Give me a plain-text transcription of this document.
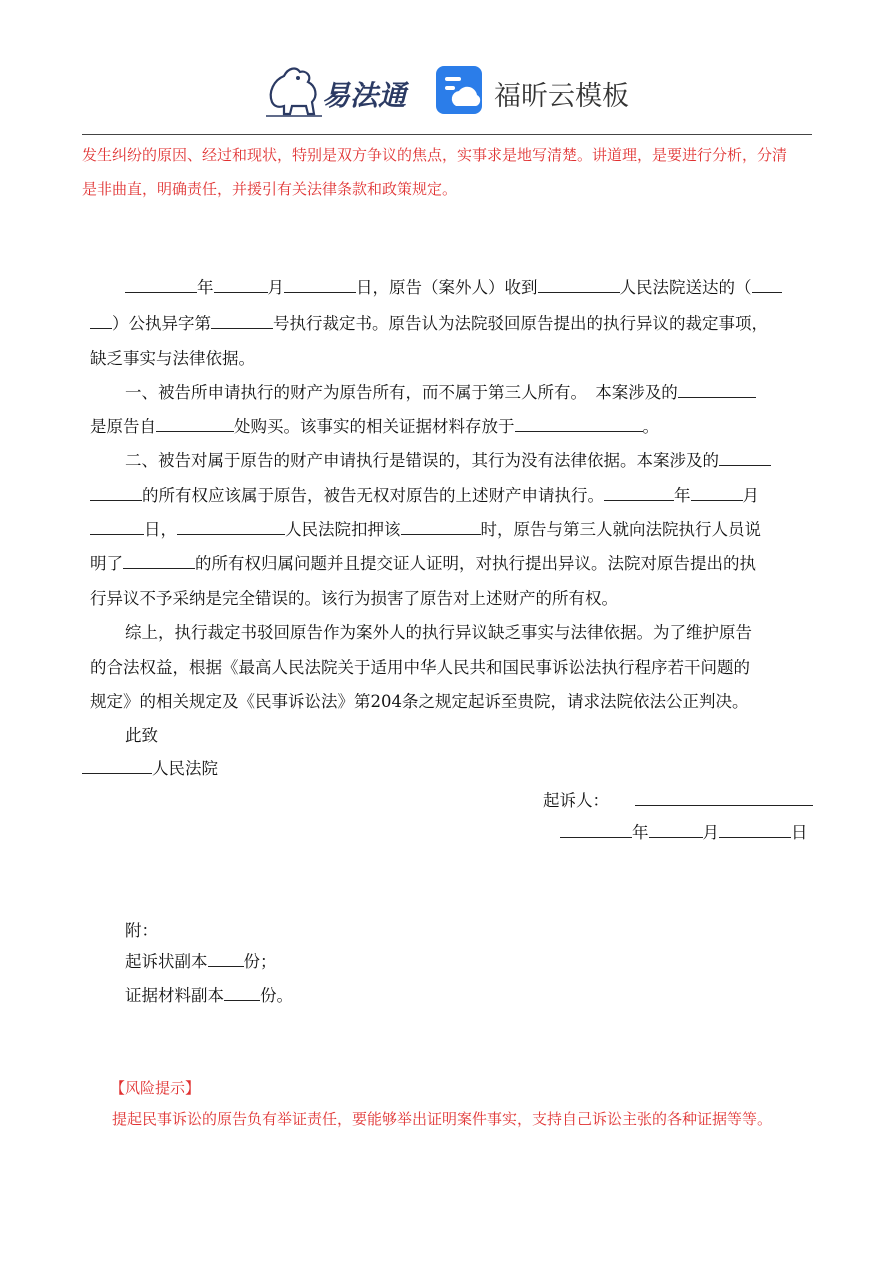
易法通	福昕云模板
发生纠纷的原因、经过和现状，特别是双方争议的焦点，实事求是地写清楚。讲道理，是要进行分析，分清
是非曲直，明确责任，并援引有关法律条款和政策规定。
年	月	日，原告（案外人）收到	人民法院送达的（
）公执异字第	号执行裁定书。原告认为法院驳回原告提出的执行异议的裁定事项，
缺乏事实与法律依据。
一、被告所申请执行的财产为原告所有，而不属于第三人所有。　本案涉及的
是原告自	处购买。该事实的相关证据材料存放于	。
二、被告对属于原告的财产申请执行是错误的，其行为没有法律依据。本案涉及的
的所有权应该属于原告，被告无权对原告的上述财产申请执行。	年	月
日，	人民法院扣押该	时，原告与第三人就向法院执行人员说
明了	的所有权归属问题并且提交证人证明，对执行提出异议。法院对原告提出的执
行异议不予采纳是完全错误的。该行为损害了原告对上述财产的所有权。
综上，执行裁定书驳回原告作为案外人的执行异议缺乏事实与法律依据。为了维护原告
的合法权益，根据《最高人民法院关于适用中华人民共和国民事诉讼法执行程序若干问题的
规定》的相关规定及《民事诉讼法》第204条之规定起诉至贵院，请求法院依法公正判决。
此致
人民法院
起诉人：
年	月	日
附：
起诉状副本 份；
证据材料副本 份。
【风险提示】
提起民事诉讼的原告负有举证责任，要能够举出证明案件事实，支持自己诉讼主张的各种证据等等。
